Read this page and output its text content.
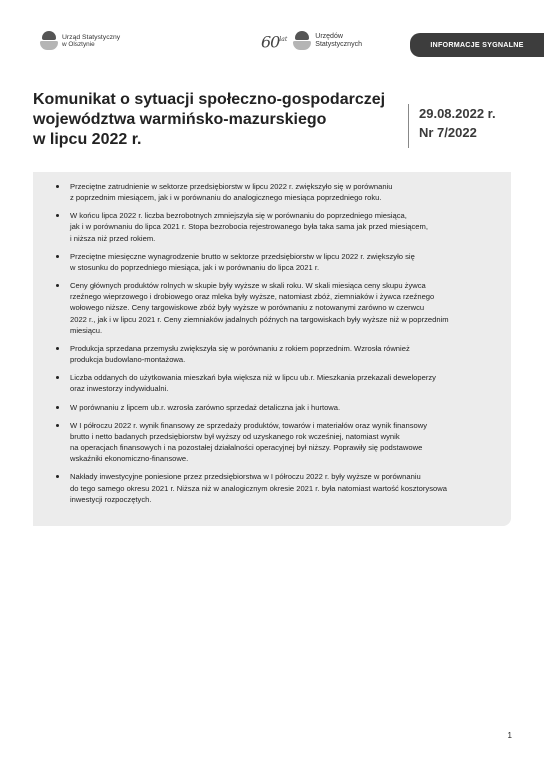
Urząd Statystyczny
w Olsztynie	$60^{lat}$	Urzędów
Statystycznych	INFORMACJE SYGNALNE

Komunikat o sytuacji społeczno-gospodarczej
województwa warmińsko-mazurskiego
w lipcu 2022 r.

29.08.2022 r.
Nr 7/2022
Przeciętne zatrudnienie w sektorze przedsiębiorstw w lipcu 2022 r. zwiększyło się w porównaniu
z poprzednim miesiącem, jak i w porównaniu do analogicznego miesiąca poprzedniego roku.
W końcu lipca 2022 r. liczba bezrobotnych zmniejszyła się w porównaniu do poprzedniego miesiąca,
jak i w porównaniu do lipca 2021 r. Stopa bezrobocia rejestrowanego była taka sama jak przed miesiącem,
i niższa niż przed rokiem.
Przeciętne miesięczne wynagrodzenie brutto w sektorze przedsiębiorstw w lipcu 2022 r. zwiększyło się
w stosunku do poprzedniego miesiąca, jak i w porównaniu do lipca 2021 r.
Ceny głównych produktów rolnych w skupie były wyższe w skali roku. W skali miesiąca ceny skupu żywca
rzeźnego wieprzowego i drobiowego oraz mleka były wyższe, natomiast zbóż, ziemniaków i żywca rzeźnego
wołowego niższe. Ceny targowiskowe zbóż były wyższe w porównaniu z notowanymi zarówno w czerwcu
2022 r., jak i w lipcu 2021 r. Ceny ziemniaków jadalnych późnych na targowiskach były wyższe niż w poprzednim
miesiącu.
Produkcja sprzedana przemysłu zwiększyła się w porównaniu z rokiem poprzednim. Wzrosła również
produkcja budowlano-montażowa.
Liczba oddanych do użytkowania mieszkań była większa niż w lipcu ub.r. Mieszkania przekazali deweloperzy
oraz inwestorzy indywidualni.
W porównaniu z lipcem ub.r. wzrosła zarówno sprzedaż detaliczna jak i hurtowa.
W I półroczu 2022 r. wynik finansowy ze sprzedaży produktów, towarów i materiałów oraz wynik finansowy
brutto i netto badanych przedsiębiorstw był wyższy od uzyskanego rok wcześniej, natomiast wynik
na operacjach finansowych i na pozostałej działalności operacyjnej był niższy. Poprawiły się podstawowe
wskaźniki ekonomiczno-finansowe.
Nakłady inwestycyjne poniesione przez przedsiębiorstwa w I półroczu 2022 r. były wyższe w porównaniu
do tego samego okresu 2021 r. Niższa niż w analogicznym okresie 2021 r. była natomiast wartość kosztorysowa
inwestycji rozpoczętych.
1
